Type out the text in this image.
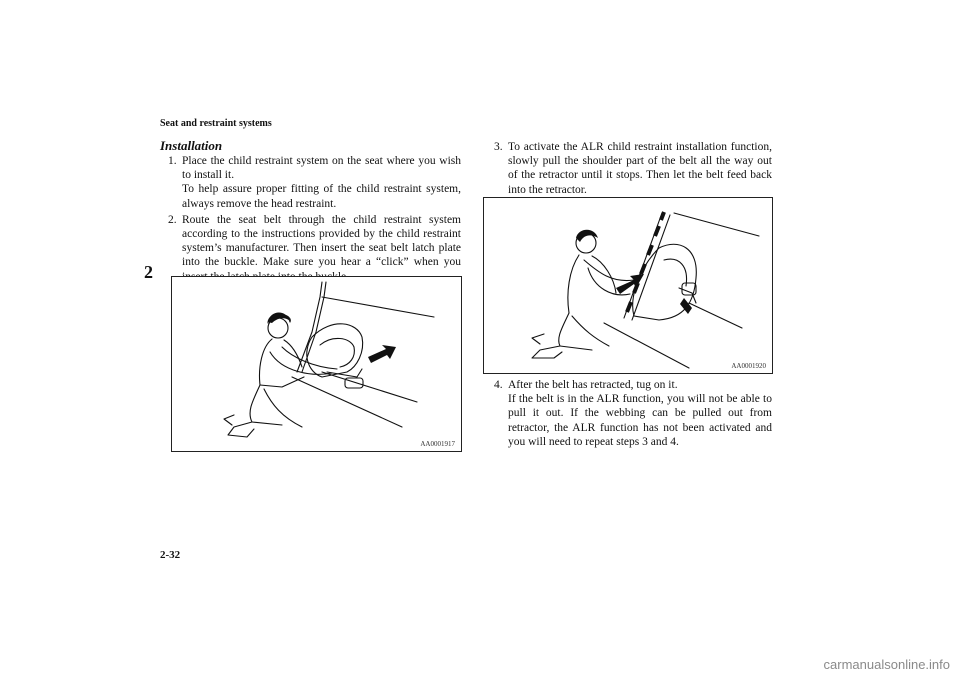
Seat and restraint systems
2
Installation
1. Place the child restraint system on the seat where you wish to install it.

To help assure proper fitting of the child restraint system, always remove the head restraint.

2. Route the seat belt through the child restraint system according to the instructions provided by the child restraint system’s manufacturer. Then insert the seat belt latch plate into the buckle. Make sure you hear a “click” when you

AA0001917
3. To activate the ALR child restraint installation function, slowly pull the shoulder part of the belt all the way out of the retractor until it stops. Then let the belt feed back into the retractor.

AA0001920
4. After the belt has retracted, tug on it.

If the belt is in the ALR function, you will not be able to pull it out. If the webbing can be pulled out from retractor, the ALR function has not been activated and you will need to repeat steps 3 and 4.

2-32
carmanualsonline.info
